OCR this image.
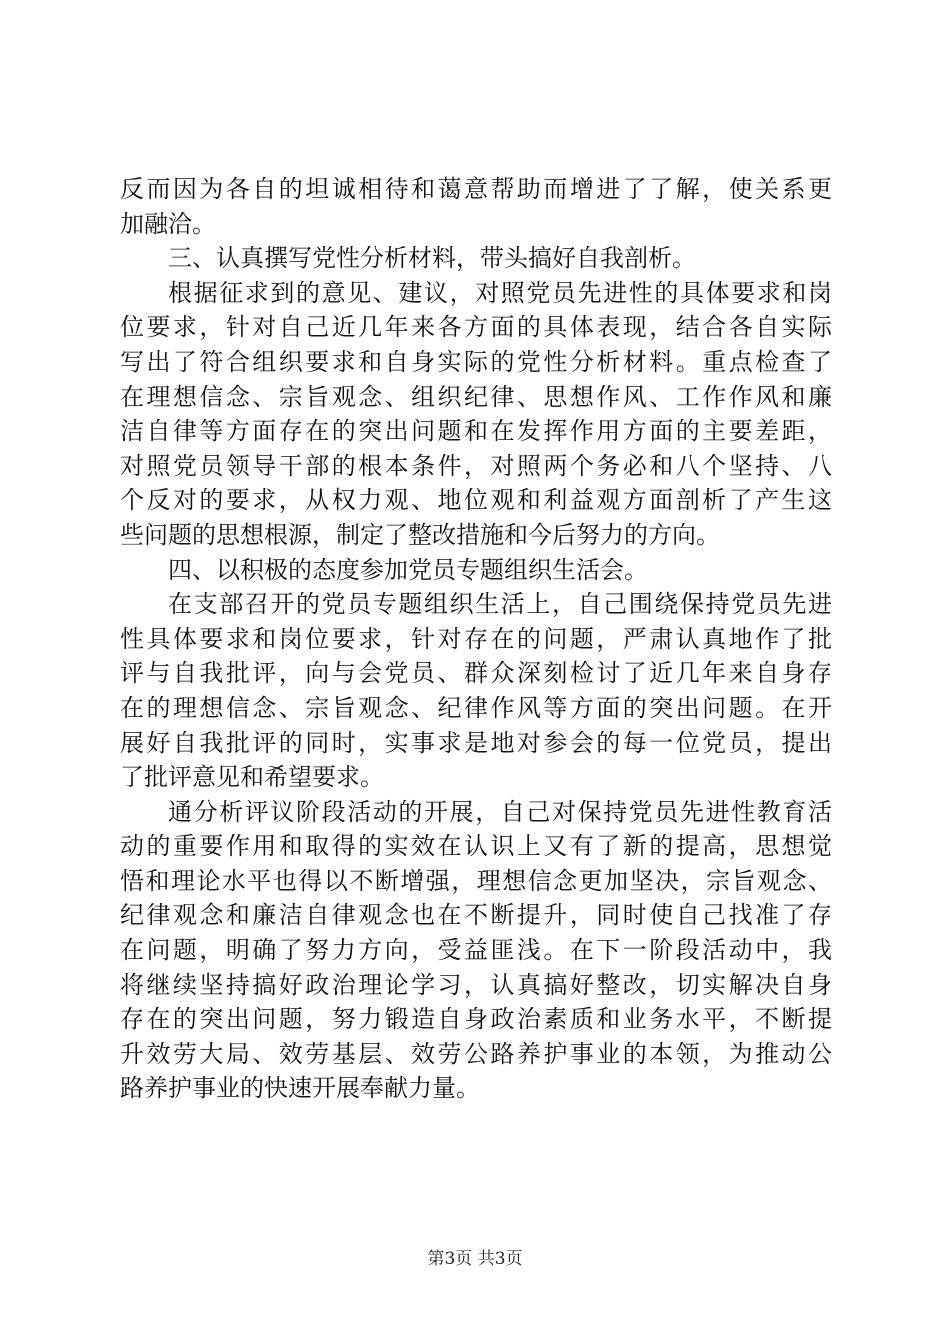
反而因为各自的坦诚相待和蔼意帮助而增进了了解，使关系更
加融洽。

三、认真撰写党性分析材料，带头搞好自我剖析。

根据征求到的意见、建议，对照党员先进性的具体要求和岗
位要求，针对自己近几年来各方面的具体表现，结合各自实际
写出了符合组织要求和自身实际的党性分析材料。重点检查了
在理想信念、宗旨观念、组织纪律、思想作风、工作作风和廉
洁自律等方面存在的突出问题和在发挥作用方面的主要差距，
对照党员领导干部的根本条件，对照两个务必和八个坚持、八
个反对的要求，从权力观、地位观和利益观方面剖析了产生这
些问题的思想根源，制定了整改措施和今后努力的方向。

四、以积极的态度参加党员专题组织生活会。

在支部召开的党员专题组织生活上，自己围绕保持党员先进
性具体要求和岗位要求，针对存在的问题，严肃认真地作了批
评与自我批评，向与会党员、群众深刻检讨了近几年来自身存
在的理想信念、宗旨观念、纪律作风等方面的突出问题。在开
展好自我批评的同时，实事求是地对参会的每一位党员，提出
了批评意见和希望要求。

通分析评议阶段活动的开展，自己对保持党员先进性教育活
动的重要作用和取得的实效在认识上又有了新的提高，思想觉
悟和理论水平也得以不断增强，理想信念更加坚决，宗旨观念、
纪律观念和廉洁自律观念也在不断提升，同时使自己找准了存
在问题，明确了努力方向，受益匪浅。在下一阶段活动中，我
将继续坚持搞好政治理论学习，认真搞好整改，切实解决自身
存在的突出问题，努力锻造自身政治素质和业务水平，不断提
升效劳大局、效劳基层、效劳公路养护事业的本领，为推动公
路养护事业的快速开展奉献力量。

第3页 共3页
